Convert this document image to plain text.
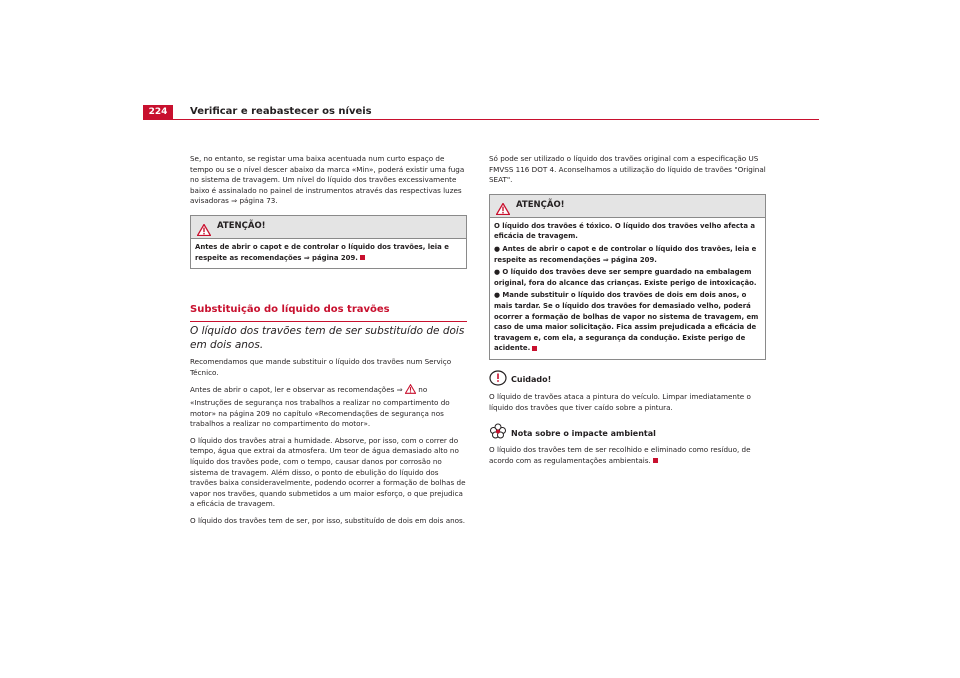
224	Verificar e reabastecer os níveis

Se, no entanto, se registar uma baixa acentuada num curto espaço de tempo ou se o nível descer abaixo da marca «Min», poderá existir uma fuga no sistema de travagem. Um nível do líquido dos travões excessivamente baixo é assinalado no painel de instrumentos através das respectivas luzes avisadoras ⇒ página 73.

ATENÇÃO!

Antes de abrir o capot e de controlar o líquido dos travões, leia e respeite as recomendações ⇒ página 209.

Substituição do líquido dos travões
O líquido dos travões tem de ser substituído de dois em dois anos.

Recomendamos que mande substituir o líquido dos travões num Serviço Técnico.

Antes de abrir o capot, ler e observar as recomendações ⇒ no «Instruções de segurança nos trabalhos a realizar no compartimento do motor» na página 209 no capítulo «Recomendações de segurança nos trabalhos a realizar no compartimento do motor».

O líquido dos travões atrai a humidade. Absorve, por isso, com o correr do tempo, água que extrai da atmosfera. Um teor de água demasiado alto no líquido dos travões pode, com o tempo, causar danos por corrosão no sistema de travagem. Além disso, o ponto de ebulição do líquido dos travões baixa consideravelmente, podendo ocorrer a formação de bolhas de vapor nos travões, quando submetidos a um maior esforço, o que prejudica a eficácia de travagem.

O líquido dos travões tem de ser, por isso, substituído de dois em dois anos.

Só pode ser utilizado o líquido dos travões original com a especificação US FMVSS 116 DOT 4. Aconselhamos a utilização do líquido de travões "Original SEAT".

ATENÇÃO!

O líquido dos travões é tóxico. O líquido dos travões velho afecta a eficácia de travagem.

● Antes de abrir o capot e de controlar o líquido dos travões, leia e respeite as recomendações ⇒ página 209.

● O líquido dos travões deve ser sempre guardado na embalagem original, fora do alcance das crianças. Existe perigo de intoxicação.

● Mande substituir o líquido dos travões de dois em dois anos, o mais tardar. Se o líquido dos travões for demasiado velho, poderá ocorrer a formação de bolhas de vapor no sistema de travagem, em caso de uma maior solicitação. Fica assim prejudicada a eficácia de travagem e, com ela, a segurança da condução. Existe perigo de acidente.

Cuidado!

O líquido de travões ataca a pintura do veículo. Limpar imediatamente o líquido dos travões que tiver caído sobre a pintura.

Nota sobre o impacte ambiental

O líquido dos travões tem de ser recolhido e eliminado como resíduo, de acordo com as regulamentações ambientais.
